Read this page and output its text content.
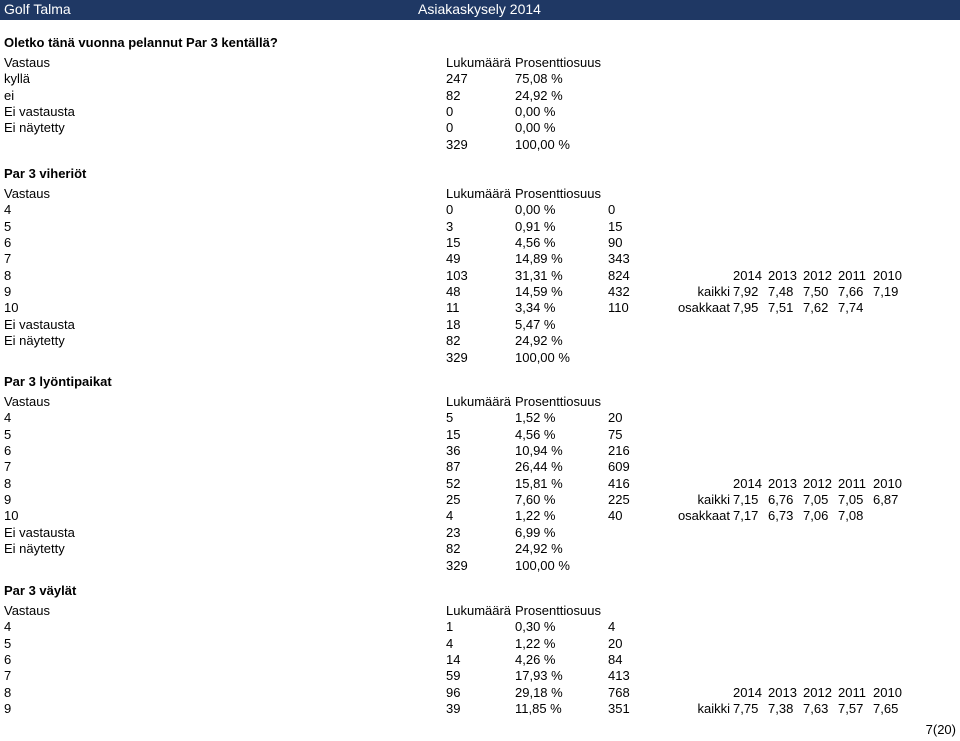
Golf Talma	Asiakaskysely 2014
Oletko tänä vuonna pelannut Par 3 kentällä?
Vastaus	Lukumäärä Prosenttiosuus
kyllä	247	75,08 %
ei	82	24,92 %
Ei vastausta	0	0,00 %
Ei näytetty	0	0,00 %
329	100,00 %
Par 3 viheriöt
Vastaus	Lukumäärä Prosenttiosuus
4	0	0,00 %	0
5	3	0,91 %	15
6	15	4,56 %	90
7	49	14,89 %	343
8	103	31,31 %	824	2014 2013 2012 2011 2010
9	48	14,59 %	432	kaikki 7,92 7,48 7,50 7,66 7,19
10	11	3,34 %	110	osakkaat 7,95 7,51 7,62 7,74
Ei vastausta	18	5,47 %
Ei näytetty	82	24,92 %
329	100,00 %
Par 3 lyöntipaikat
Vastaus	Lukumäärä Prosenttiosuus
4	5	1,52 %	20
5	15	4,56 %	75
6	36	10,94 %	216
7	87	26,44 %	609
8	52	15,81 %	416	2014 2013 2012 2011 2010
9	25	7,60 %	225	kaikki 7,15 6,76 7,05 7,05 6,87
10	4	1,22 %	40	osakkaat 7,17 6,73 7,06 7,08
Ei vastausta	23	6,99 %
Ei näytetty	82	24,92 %
329	100,00 %
Par 3 väylät
Vastaus	Lukumäärä Prosenttiosuus
4	1	0,30 %	4
5	4	1,22 %	20
6	14	4,26 %	84
7	59	17,93 %	413
8	96	29,18 %	768	2014 2013 2012 2011 2010
9	39	11,85 %	351	kaikki 7,75 7,38 7,63 7,57 7,65
7(20)
